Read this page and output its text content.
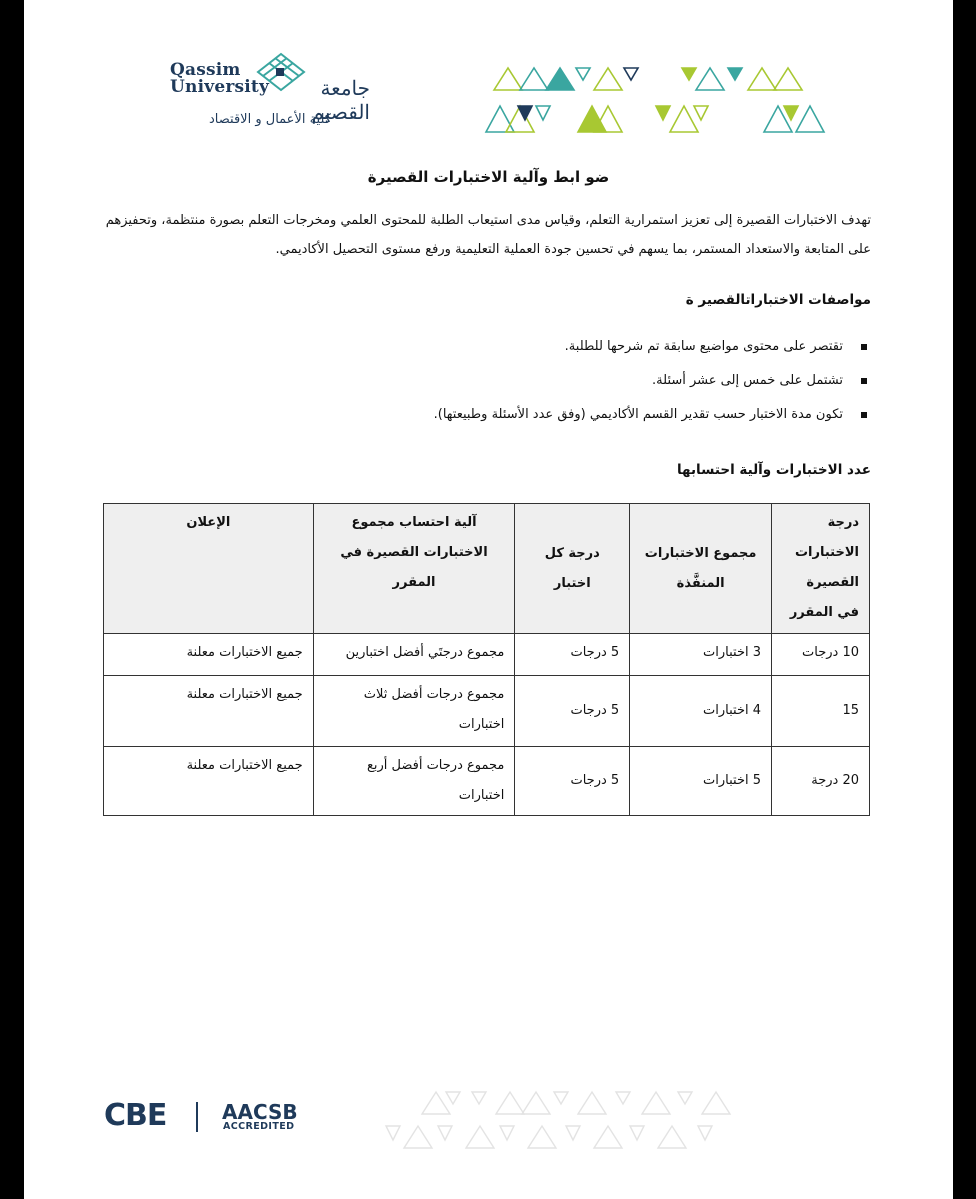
Qassim
University	جامعة القصيم
كلية الأعمال و الاقتصاد
ضو ابط وآلية الاختبارات القصيرة

تهدف الاختبارات القصيرة إلى تعزيز استمرارية التعلم، وقياس مدى استيعاب الطلبة للمحتوى العلمي ومخرجات التعلم بصورة منتظمة، وتحفيزهم على المتابعة والاستعداد المستمر، بما يسهم في تحسين جودة العملية التعليمية ورفع مستوى التحصيل الأكاديمي.

مواصفات الاختباراتالقصير ة
تقتصر على محتوى مواضيع سابقة تم شرحها للطلبة.
تشتمل على خمس إلى عشر أسئلة.
تكون مدة الاختبار حسب تقدير القسم الأكاديمي (وفق عدد الأسئلة وطبيعتها).
عدد الاختبارات وآلية احتسابها
درجة الاختبارات القصيرة في المقرر	مجموع الاختبارات المنفَّذة	درجة كل اختبار	آلية احتساب مجموع الاختبارات القصيرة في المقرر	الإعلان
10 درجات	3 اختبارات	5 درجات	مجموع درجتَي أفضل اختبارين	جميع الاختبارات معلنة
15	4 اختبارات	5 درجات	مجموع درجات أفضل ثلاث اختبارات	جميع الاختبارات معلنة
20 درجة	5 اختبارات	5 درجات	مجموع درجات أفضل أربع اختبارات	جميع الاختبارات معلنة
CBE	AACSB
ACCREDITED
